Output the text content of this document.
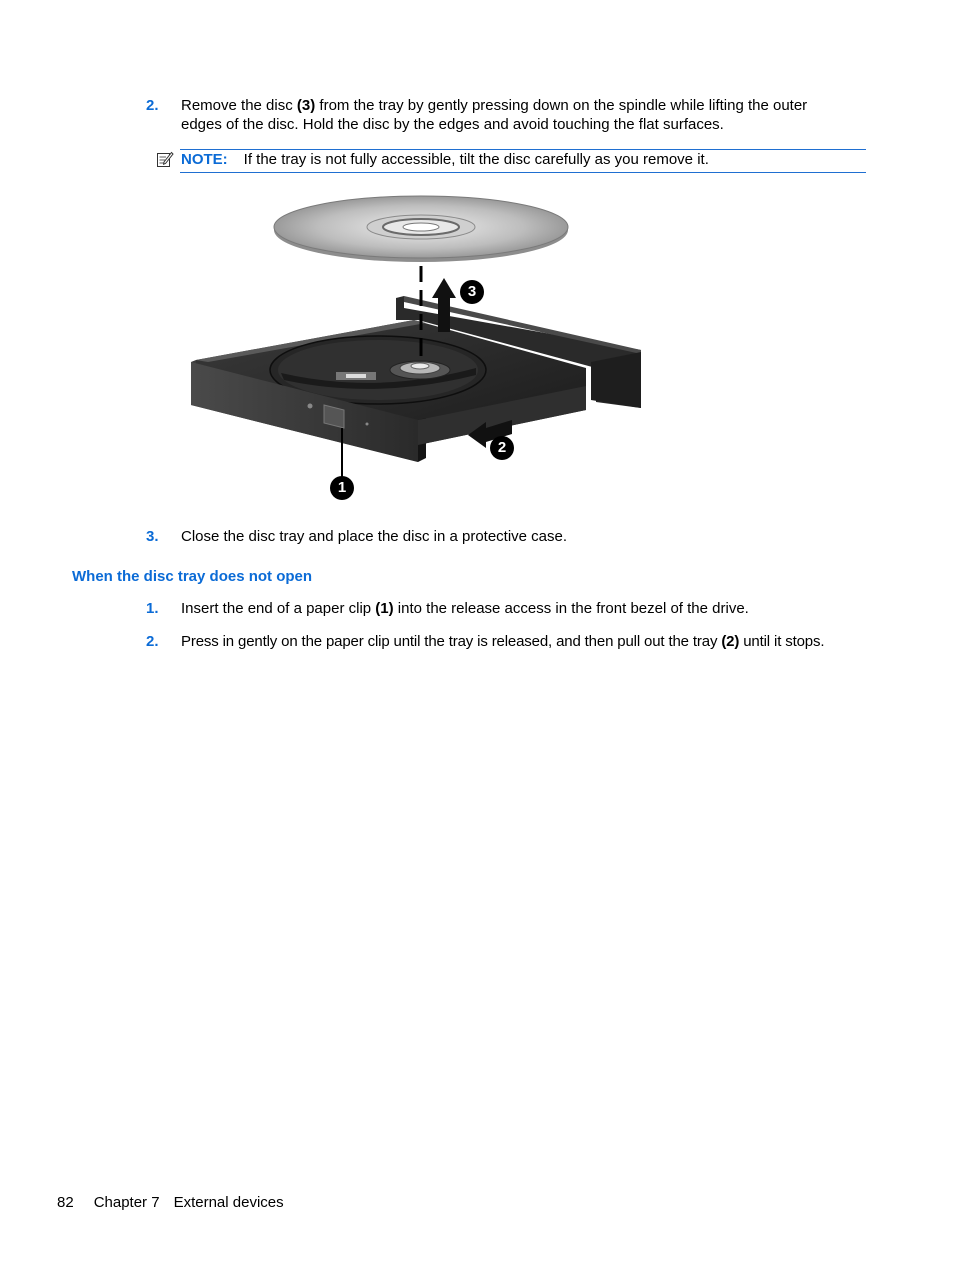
2. Remove the disc (3) from the tray by gently pressing down on the spindle while lifting the outer
edges of the disc. Hold the disc by the edges and avoid touching the flat surfaces.
NOTE: If the tray is not fully accessible, tilt the disc carefully as you remove it.
3
2
1
3. Close the disc tray and place the disc in a protective case.
When the disc tray does not open
1. Insert the end of a paper clip (1) into the release access in the front bezel of the drive.
2. Press in gently on the paper clip until the tray is released, and then pull out the tray (2) until it stops.
82 Chapter 7 External devices
